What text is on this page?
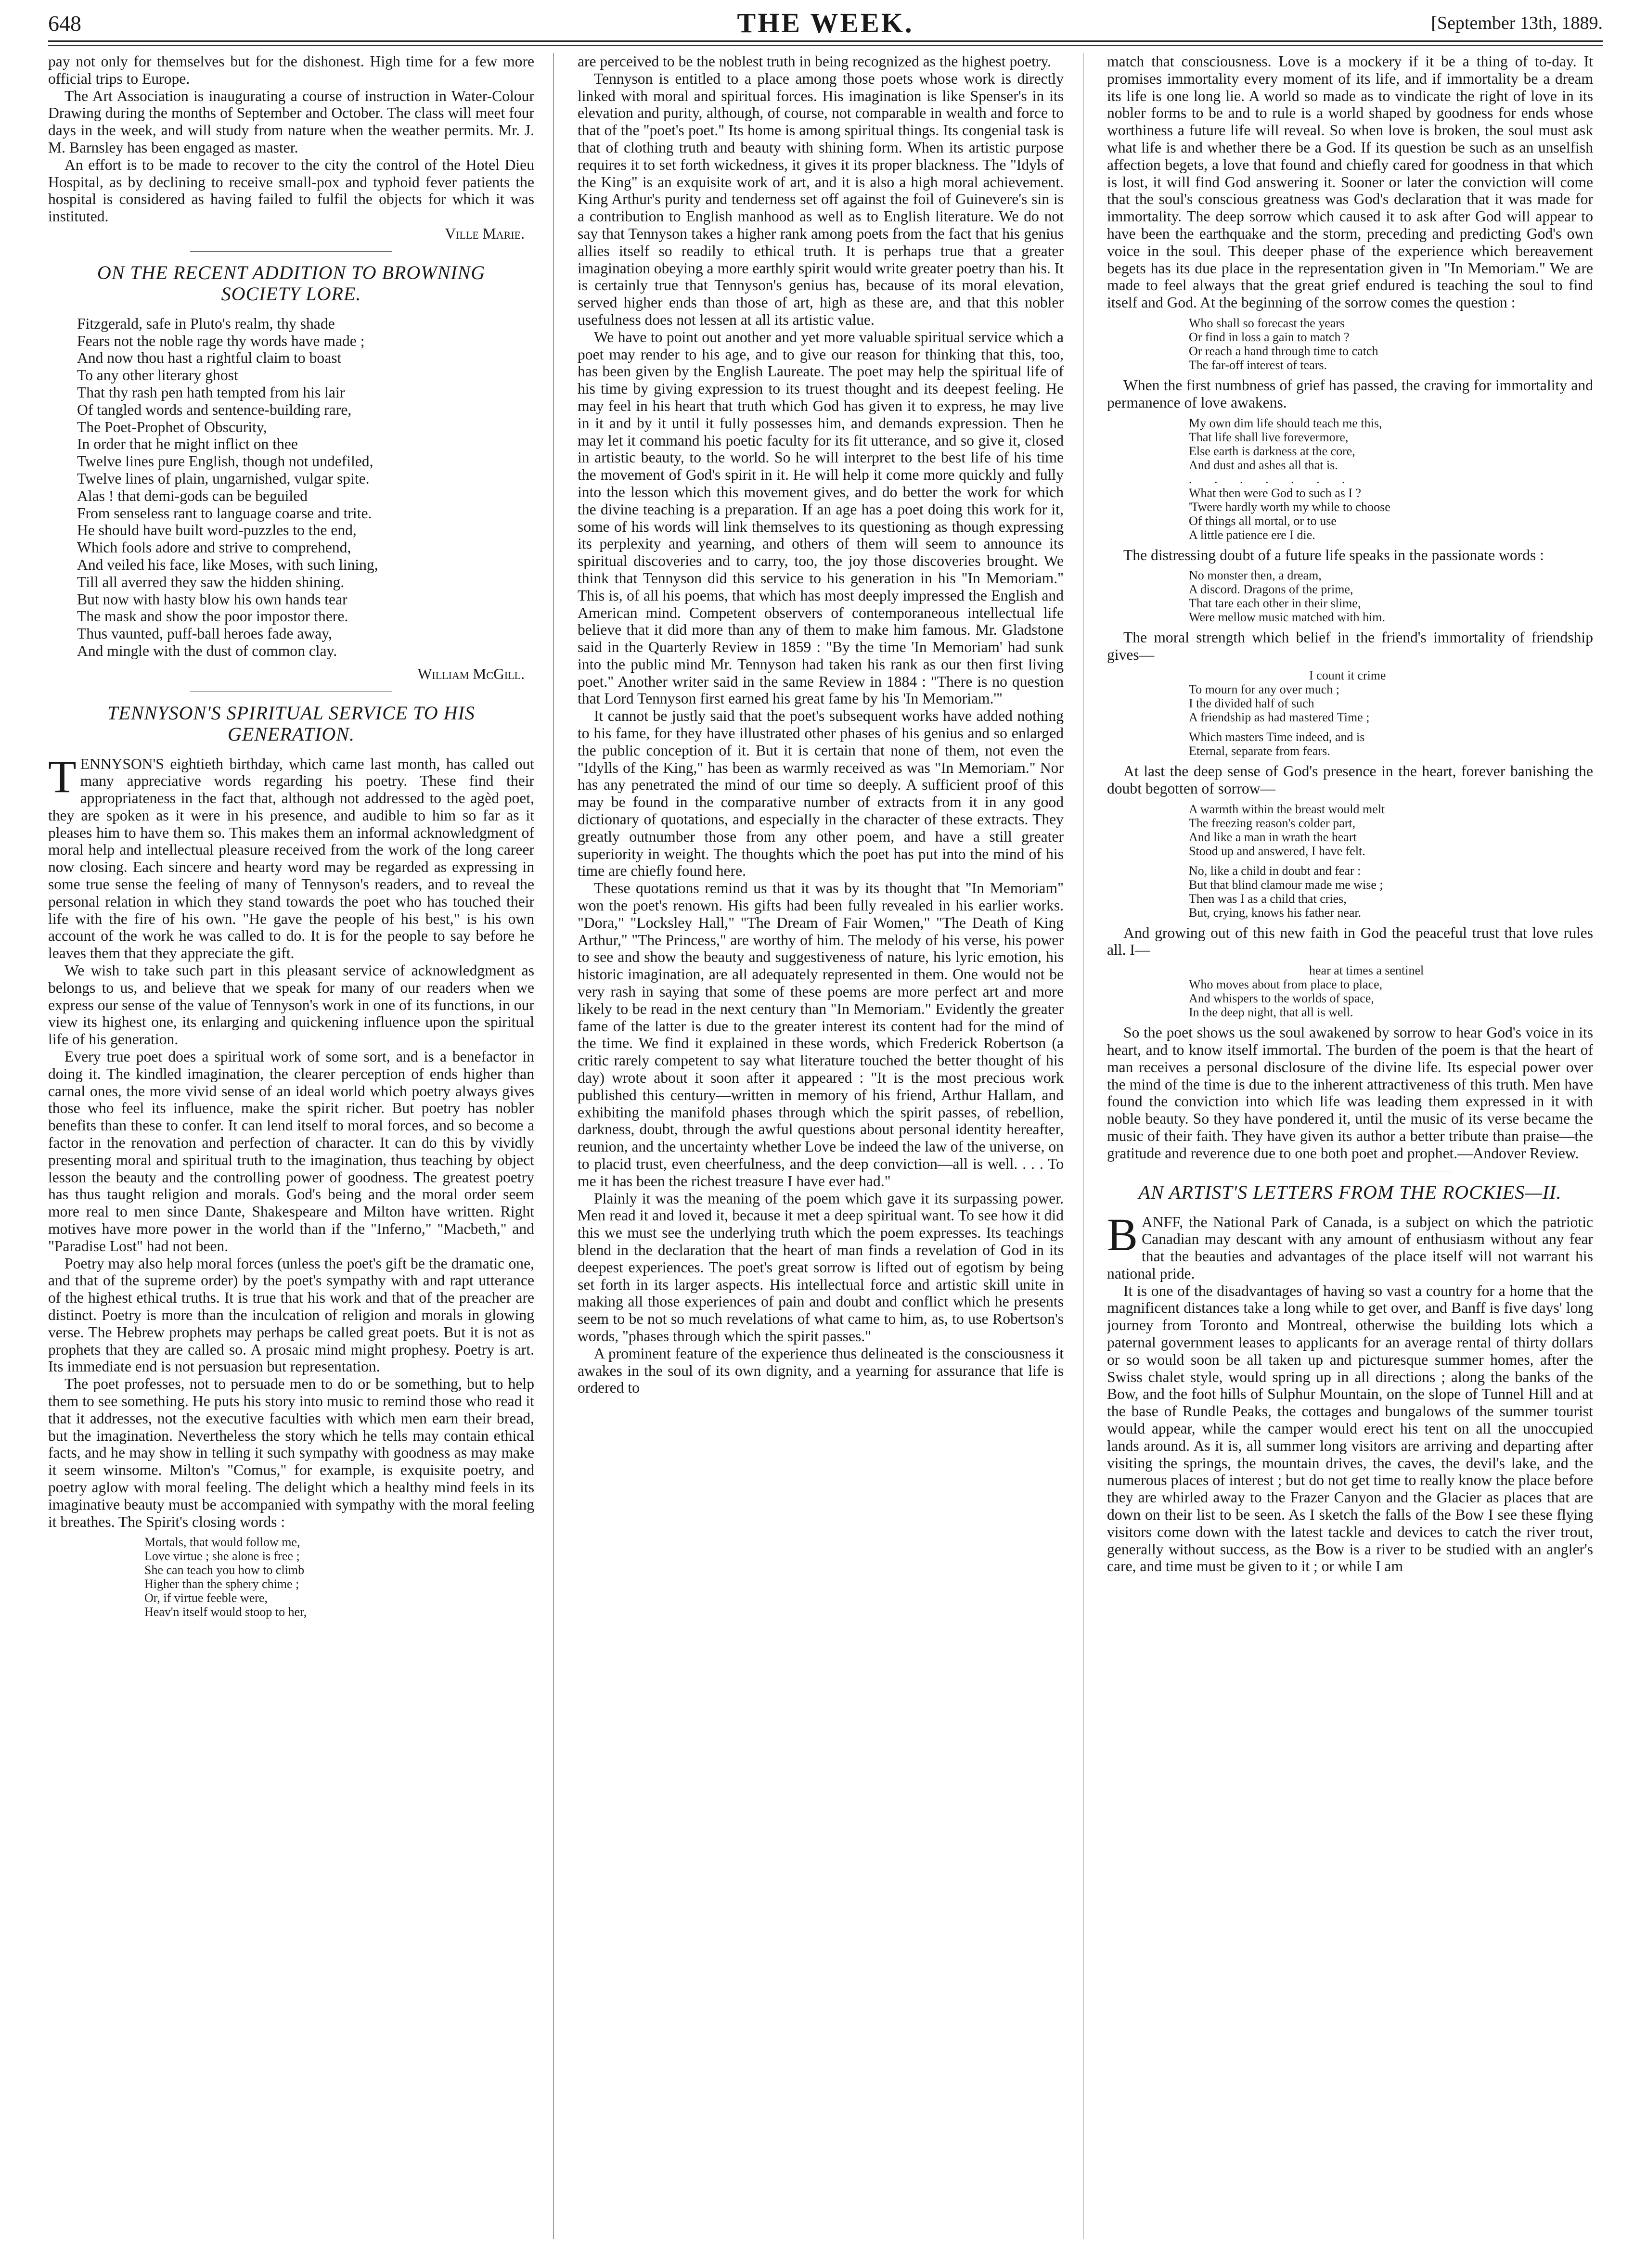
648	THE WEEK.	[September 13th, 1889.

pay not only for themselves but for the dishonest. High time for a few more official trips to Europe.

The Art Association is inaugurating a course of instruction in Water-Colour Drawing during the months of September and October. The class will meet four days in the week, and will study from nature when the weather permits. Mr. J. M. Barnsley has been engaged as master.

An effort is to be made to recover to the city the control of the Hotel Dieu Hospital, as by declining to receive small-pox and typhoid fever patients the hospital is considered as having failed to fulfil the objects for which it was instituted.

Ville Marie.
ON THE RECENT ADDITION TO BROWNING SOCIETY LORE.
Fitzgerald, safe in Pluto's realm, thy shade
Fears not the noble rage thy words have made ;
And now thou hast a rightful claim to boast
To any other literary ghost
That thy rash pen hath tempted from his lair
Of tangled words and sentence-building rare,
The Poet-Prophet of Obscurity,
In order that he might inflict on thee
Twelve lines pure English, though not undefiled,
Twelve lines of plain, ungarnished, vulgar spite.
Alas ! that demi-gods can be beguiled
From senseless rant to language coarse and trite.
He should have built word-puzzles to the end,
Which fools adore and strive to comprehend,
And veiled his face, like Moses, with such lining,
Till all averred they saw the hidden shining.
But now with hasty blow his own hands tear
The mask and show the poor impostor there.
Thus vaunted, puff-ball heroes fade away,
And mingle with the dust of common clay.
William McGill.
TENNYSON'S SPIRITUAL SERVICE TO HIS GENERATION.

TENNYSON'S eightieth birthday, which came last month, has called out many appreciative words regarding his poetry. These find their appropriateness in the fact that, although not addressed to the agèd poet, they are spoken as it were in his presence, and audible to him so far as it pleases him to have them so. This makes them an informal acknowledgment of moral help and intellectual pleasure received from the work of the long career now closing. Each sincere and hearty word may be regarded as expressing in some true sense the feeling of many of Tennyson's readers, and to reveal the personal relation in which they stand towards the poet who has touched their life with the fire of his own. "He gave the people of his best," is his own account of the work he was called to do. It is for the people to say before he leaves them that they appreciate the gift.

We wish to take such part in this pleasant service of acknowledgment as belongs to us, and believe that we speak for many of our readers when we express our sense of the value of Tennyson's work in one of its functions, in our view its highest one, its enlarging and quickening influence upon the spiritual life of his generation.

Every true poet does a spiritual work of some sort, and is a benefactor in doing it. The kindled imagination, the clearer perception of ends higher than carnal ones, the more vivid sense of an ideal world which poetry always gives those who feel its influence, make the spirit richer. But poetry has nobler benefits than these to confer. It can lend itself to moral forces, and so become a factor in the renovation and perfection of character. It can do this by vividly presenting moral and spiritual truth to the imagination, thus teaching by object lesson the beauty and the controlling power of goodness. The greatest poetry has thus taught religion and morals. God's being and the moral order seem more real to men since Dante, Shakespeare and Milton have written. Right motives have more power in the world than if the "Inferno," "Macbeth," and "Paradise Lost" had not been.

Poetry may also help moral forces (unless the poet's gift be the dramatic one, and that of the supreme order) by the poet's sympathy with and rapt utterance of the highest ethical truths. It is true that his work and that of the preacher are distinct. Poetry is more than the inculcation of religion and morals in glowing verse. The Hebrew prophets may perhaps be called great poets. But it is not as prophets that they are called so. A prosaic mind might prophesy. Poetry is art. Its immediate end is not persuasion but representation.

The poet professes, not to persuade men to do or be something, but to help them to see something. He puts his story into music to remind those who read it that it addresses, not the executive faculties with which men earn their bread, but the imagination. Nevertheless the story which he tells may contain ethical facts, and he may show in telling it such sympathy with goodness as may make it seem winsome. Milton's "Comus," for example, is exquisite poetry, and poetry aglow with moral feeling. The delight which a healthy mind feels in its imaginative beauty must be accompanied with sympathy with the moral feeling it breathes. The Spirit's closing words :

Mortals, that would follow me,
Love virtue ; she alone is free ;
She can teach you how to climb
Higher than the sphery chime ;
Or, if virtue feeble were,
Heav'n itself would stoop to her,

are perceived to be the noblest truth in being recognized as the highest poetry.

Tennyson is entitled to a place among those poets whose work is directly linked with moral and spiritual forces. His imagination is like Spenser's in its elevation and purity, although, of course, not comparable in wealth and force to that of the "poet's poet." Its home is among spiritual things. Its congenial task is that of clothing truth and beauty with shining form. When its artistic purpose requires it to set forth wickedness, it gives it its proper blackness. The "Idyls of the King" is an exquisite work of art, and it is also a high moral achievement. King Arthur's purity and tenderness set off against the foil of Guinevere's sin is a contribution to English manhood as well as to English literature. We do not say that Tennyson takes a higher rank among poets from the fact that his genius allies itself so readily to ethical truth. It is perhaps true that a greater imagination obeying a more earthly spirit would write greater poetry than his. It is certainly true that Tennyson's genius has, because of its moral elevation, served higher ends than those of art, high as these are, and that this nobler usefulness does not lessen at all its artistic value.

We have to point out another and yet more valuable spiritual service which a poet may render to his age, and to give our reason for thinking that this, too, has been given by the English Laureate. The poet may help the spiritual life of his time by giving expression to its truest thought and its deepest feeling. He may feel in his heart that truth which God has given it to express, he may live in it and by it until it fully possesses him, and demands expression. Then he may let it command his poetic faculty for its fit utterance, and so give it, closed in artistic beauty, to the world. So he will interpret to the best life of his time the movement of God's spirit in it. He will help it come more quickly and fully into the lesson which this movement gives, and do better the work for which the divine teaching is a preparation. If an age has a poet doing this work for it, some of his words will link themselves to its questioning as though expressing its perplexity and yearning, and others of them will seem to announce its spiritual discoveries and to carry, too, the joy those discoveries brought. We think that Tennyson did this service to his generation in his "In Memoriam." This is, of all his poems, that which has most deeply impressed the English and American mind. Competent observers of contemporaneous intellectual life believe that it did more than any of them to make him famous. Mr. Gladstone said in the Quarterly Review in 1859 : "By the time 'In Memoriam' had sunk into the public mind Mr. Tennyson had taken his rank as our then first living poet." Another writer said in the same Review in 1884 : "There is no question that Lord Tennyson first earned his great fame by his 'In Memoriam.'"

It cannot be justly said that the poet's subsequent works have added nothing to his fame, for they have illustrated other phases of his genius and so enlarged the public conception of it. But it is certain that none of them, not even the "Idylls of the King," has been as warmly received as was "In Memoriam." Nor has any penetrated the mind of our time so deeply. A sufficient proof of this may be found in the comparative number of extracts from it in any good dictionary of quotations, and especially in the character of these extracts. They greatly outnumber those from any other poem, and have a still greater superiority in weight. The thoughts which the poet has put into the mind of his time are chiefly found here.

These quotations remind us that it was by its thought that "In Memoriam" won the poet's renown. His gifts had been fully revealed in his earlier works. "Dora," "Locksley Hall," "The Dream of Fair Women," "The Death of King Arthur," "The Princess," are worthy of him. The melody of his verse, his power to see and show the beauty and suggestiveness of nature, his lyric emotion, his historic imagination, are all adequately represented in them. One would not be very rash in saying that some of these poems are more perfect art and more likely to be read in the next century than "In Memoriam." Evidently the greater fame of the latter is due to the greater interest its content had for the mind of the time. We find it explained in these words, which Frederick Robertson (a critic rarely competent to say what literature touched the better thought of his day) wrote about it soon after it appeared : "It is the most precious work published this century—written in memory of his friend, Arthur Hallam, and exhibiting the manifold phases through which the spirit passes, of rebellion, darkness, doubt, through the awful questions about personal identity hereafter, reunion, and the uncertainty whether Love be indeed the law of the universe, on to placid trust, even cheerfulness, and the deep conviction—all is well. . . . To me it has been the richest treasure I have ever had."

Plainly it was the meaning of the poem which gave it its surpassing power. Men read it and loved it, because it met a deep spiritual want. To see how it did this we must see the underlying truth which the poem expresses. Its teachings blend in the declaration that the heart of man finds a revelation of God in its deepest experiences. The poet's great sorrow is lifted out of egotism by being set forth in its larger aspects. His intellectual force and artistic skill unite in making all those experiences of pain and doubt and conflict which he presents seem to be not so much revelations of what came to him, as, to use Robertson's words, "phases through which the spirit passes."

A prominent feature of the experience thus delineated is the consciousness it awakes in the soul of its own dignity, and a yearning for assurance that life is ordered to

match that consciousness. Love is a mockery if it be a thing of to-day. It promises immortality every moment of its life, and if immortality be a dream its life is one long lie. A world so made as to vindicate the right of love in its nobler forms to be and to rule is a world shaped by goodness for ends whose worthiness a future life will reveal. So when love is broken, the soul must ask what life is and whether there be a God. If its question be such as an unselfish affection begets, a love that found and chiefly cared for goodness in that which is lost, it will find God answering it. Sooner or later the conviction will come that the soul's conscious greatness was God's declaration that it was made for immortality. The deep sorrow which caused it to ask after God will appear to have been the earthquake and the storm, preceding and predicting God's own voice in the soul. This deeper phase of the experience which bereavement begets has its due place in the representation given in "In Memoriam." We are made to feel always that the great grief endured is teaching the soul to find itself and God. At the beginning of the sorrow comes the question :

Who shall so forecast the years
Or find in loss a gain to match ?
Or reach a hand through time to catch
The far-off interest of tears.

When the first numbness of grief has passed, the craving for immortality and permanence of love awakens.

My own dim life should teach me this,
That life shall live forevermore,
Else earth is darkness at the core,
And dust and ashes all that is.
. . . . . . .
What then were God to such as I ?
'Twere hardly worth my while to choose
Of things all mortal, or to use
A little patience ere I die.

The distressing doubt of a future life speaks in the passionate words :

No monster then, a dream,
A discord. Dragons of the prime,
That tare each other in their slime,
Were mellow music matched with him.

The moral strength which belief in the friend's immortality of friendship gives—

I count it crime
To mourn for any over much ;
I the divided half of such
A friendship as had mastered Time ;
Which masters Time indeed, and is
Eternal, separate from fears.

At last the deep sense of God's presence in the heart, forever banishing the doubt begotten of sorrow—

A warmth within the breast would melt
The freezing reason's colder part,
And like a man in wrath the heart
Stood up and answered, I have felt.
No, like a child in doubt and fear :
But that blind clamour made me wise ;
Then was I as a child that cries,
But, crying, knows his father near.

And growing out of this new faith in God the peaceful trust that love rules all. I—

hear at times a sentinel
Who moves about from place to place,
And whispers to the worlds of space,
In the deep night, that all is well.

So the poet shows us the soul awakened by sorrow to hear God's voice in its heart, and to know itself immortal. The burden of the poem is that the heart of man receives a personal disclosure of the divine life. Its especial power over the mind of the time is due to the inherent attractiveness of this truth. Men have found the conviction into which life was leading them expressed in it with noble beauty. So they have pondered it, until the music of its verse became the music of their faith. They have given its author a better tribute than praise—the gratitude and reverence due to one both poet and prophet.—Andover Review.

AN ARTIST'S LETTERS FROM THE ROCKIES—II.

BANFF, the National Park of Canada, is a subject on which the patriotic Canadian may descant with any amount of enthusiasm without any fear that the beauties and advantages of the place itself will not warrant his national pride.

It is one of the disadvantages of having so vast a country for a home that the magnificent distances take a long while to get over, and Banff is five days' long journey from Toronto and Montreal, otherwise the building lots which a paternal government leases to applicants for an average rental of thirty dollars or so would soon be all taken up and picturesque summer homes, after the Swiss chalet style, would spring up in all directions ; along the banks of the Bow, and the foot hills of Sulphur Mountain, on the slope of Tunnel Hill and at the base of Rundle Peaks, the cottages and bungalows of the summer tourist would appear, while the camper would erect his tent on all the unoccupied lands around. As it is, all summer long visitors are arriving and departing after visiting the springs, the mountain drives, the caves, the devil's lake, and the numerous places of interest ; but do not get time to really know the place before they are whirled away to the Frazer Canyon and the Glacier as places that are down on their list to be seen. As I sketch the falls of the Bow I see these flying visitors come down with the latest tackle and devices to catch the river trout, generally without success, as the Bow is a river to be studied with an angler's care, and time must be given to it ; or while I am
